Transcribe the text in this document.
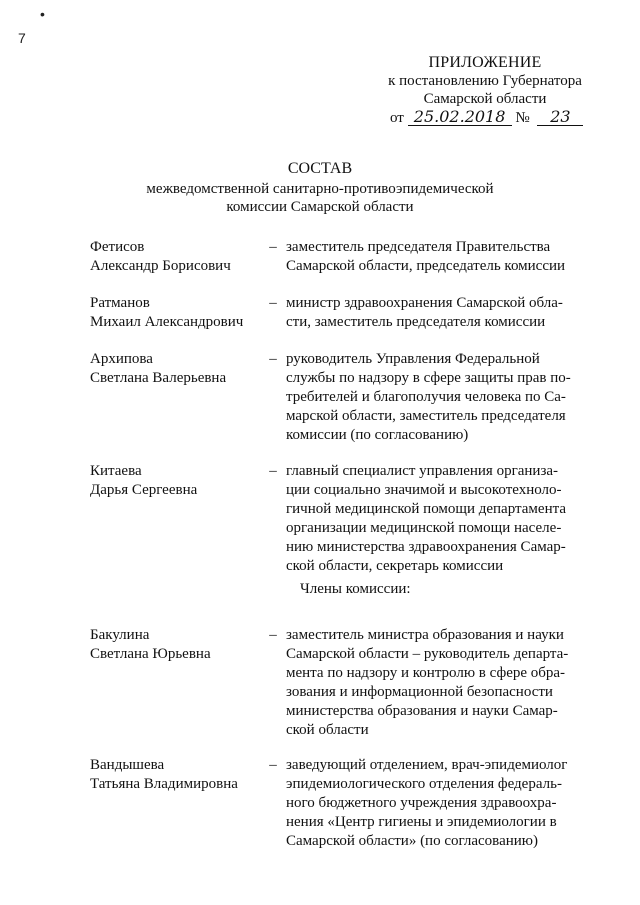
•
7
ПРИЛОЖЕНИЕ
к постановлению Губернатора
Самарской области
от 25.02.2018 № 23
СОСТАВ
межведомственной санитарно-противоэпидемической
комиссии Самарской области
Фетисов
Александр Борисович
– заместитель председателя Правительства
Самарской области, председатель комиссии
Ратманов
Михаил Александрович
– министр здравоохранения Самарской обла-
сти, заместитель председателя комиссии
Архипова
Светлана Валерьевна
– руководитель Управления Федеральной
службы по надзору в сфере защиты прав по-
требителей и благополучия человека по Са-
марской области, заместитель председателя
комиссии (по согласованию)
Китаева
Дарья Сергеевна
– главный специалист управления организа-
ции социально значимой и высокотехноло-
гичной медицинской помощи департамента
организации медицинской помощи населе-
нию министерства здравоохранения Самар-
ской области, секретарь комиссии
Члены комиссии:
Бакулина
Светлана Юрьевна
– заместитель министра образования и науки
Самарской области – руководитель департа-
мента по надзору и контролю в сфере обра-
зования и информационной безопасности
министерства образования и науки Самар-
ской области
Вандышева
Татьяна Владимировна
– заведующий отделением, врач-эпидемиолог
эпидемиологического отделения федераль-
ного бюджетного учреждения здравоохра-
нения «Центр гигиены и эпидемиологии в
Самарской области» (по согласованию)
